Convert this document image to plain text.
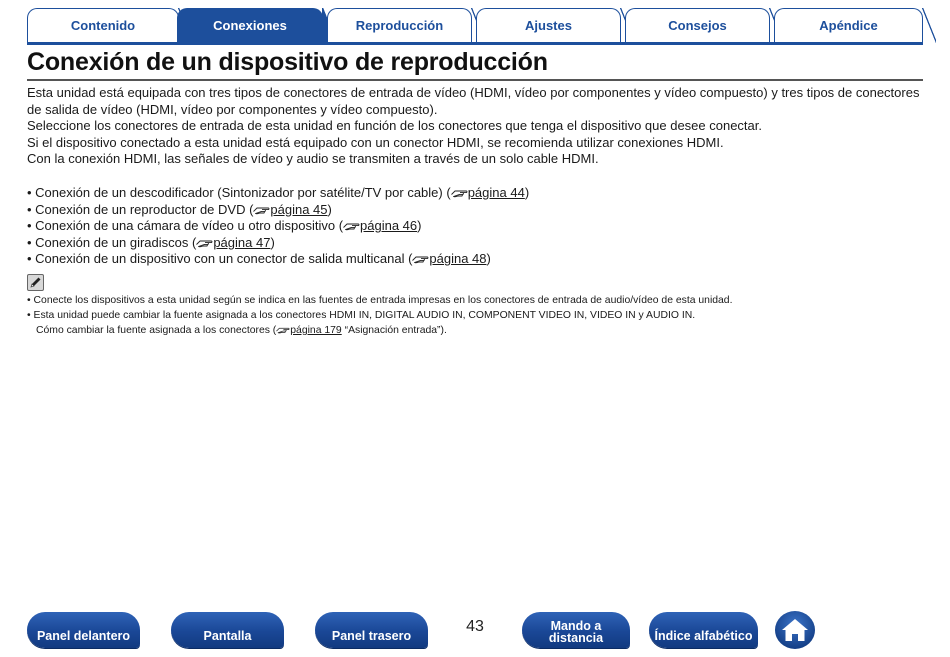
Contenido	Conexiones	Reproducción	Ajustes	Consejos	Apéndice
Conexión de un dispositivo de reproducción

Esta unidad está equipada con tres tipos de conectores de entrada de vídeo (HDMI, vídeo por componentes y vídeo compuesto) y tres tipos de conectores de salida de vídeo (HDMI, vídeo por componentes y vídeo compuesto).

Seleccione los conectores de entrada de esta unidad en función de los conectores que tenga el dispositivo que desee conectar.

Si el dispositivo conectado a esta unidad está equipado con un conector HDMI, se recomienda utilizar conexiones HDMI.

Con la conexión HDMI, las señales de vídeo y audio se transmiten a través de un solo cable HDMI.

• Conexión de un descodificador (Sintonizador por satélite/TV por cable) ( página 44)
• Conexión de un reproductor de DVD ( página 45)
• Conexión de una cámara de vídeo u otro dispositivo ( página 46)
• Conexión de un giradiscos ( página 47)
• Conexión de un dispositivo con un conector de salida multicanal ( página 48)
• Conecte los dispositivos a esta unidad según se indica en las fuentes de entrada impresas en los conectores de entrada de audio/vídeo de esta unidad.
• Esta unidad puede cambiar la fuente asignada a los conectores HDMI IN, DIGITAL AUDIO IN, COMPONENT VIDEO IN, VIDEO IN y AUDIO IN.
Cómo cambiar la fuente asignada a los conectores ( página 179 “Asignación entrada”).
Panel delantero	Pantalla	Panel trasero
43	Mando a
distancia	Índice alfabético
